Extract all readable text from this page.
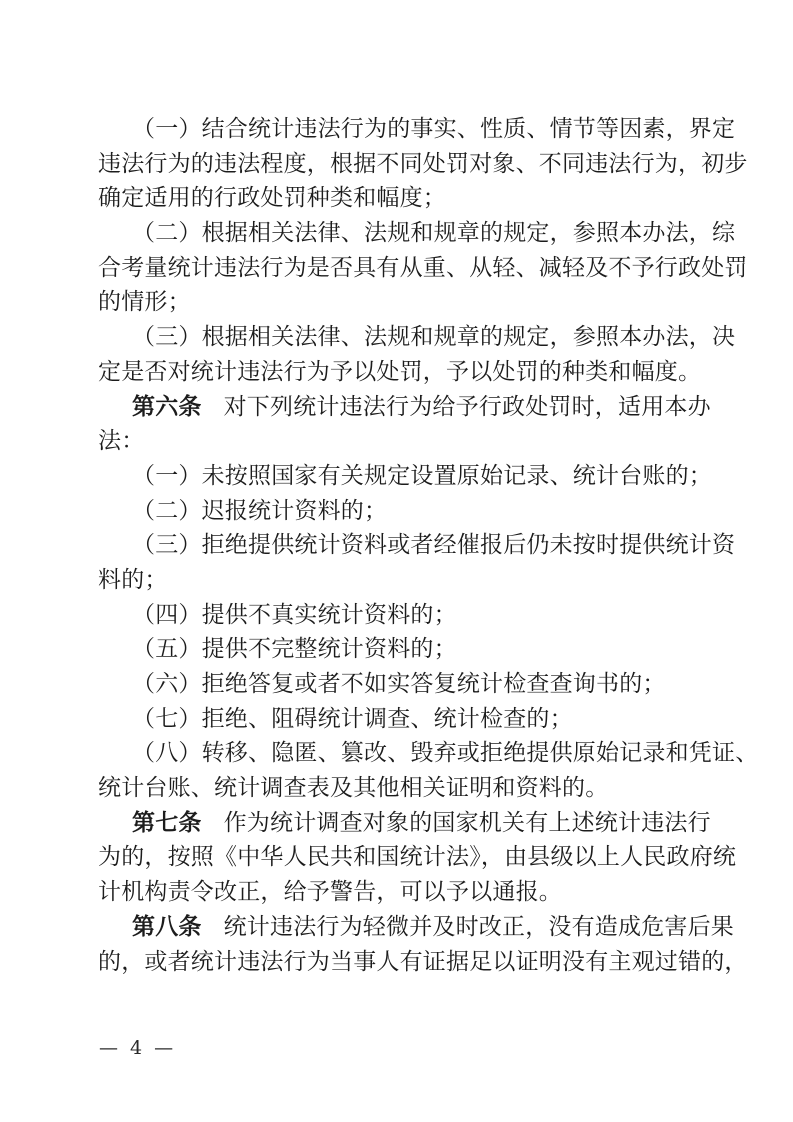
（一）结合统计违法行为的事实、性质、情节等因素，界定
违法行为的违法程度，根据不同处罚对象、不同违法行为，初步
确定适用的行政处罚种类和幅度；
（二）根据相关法律、法规和规章的规定，参照本办法，综
合考量统计违法行为是否具有从重、从轻、减轻及不予行政处罚
的情形；
（三）根据相关法律、法规和规章的规定，参照本办法，决
定是否对统计违法行为予以处罚，予以处罚的种类和幅度。
第六条 对下列统计违法行为给予行政处罚时，适用本办
法：
（一）未按照国家有关规定设置原始记录、统计台账的；
（二）迟报统计资料的；
（三）拒绝提供统计资料或者经催报后仍未按时提供统计资
料的；
（四）提供不真实统计资料的；
（五）提供不完整统计资料的；
（六）拒绝答复或者不如实答复统计检查查询书的；
（七）拒绝、阻碍统计调查、统计检查的；
（八）转移、隐匿、篡改、毁弃或拒绝提供原始记录和凭证、
统计台账、统计调查表及其他相关证明和资料的。
第七条 作为统计调查对象的国家机关有上述统计违法行
为的，按照《中华人民共和国统计法》，由县级以上人民政府统
计机构责令改正，给予警告，可以予以通报。
第八条 统计违法行为轻微并及时改正，没有造成危害后果
的，或者统计违法行为当事人有证据足以证明没有主观过错的，
— 4 —
